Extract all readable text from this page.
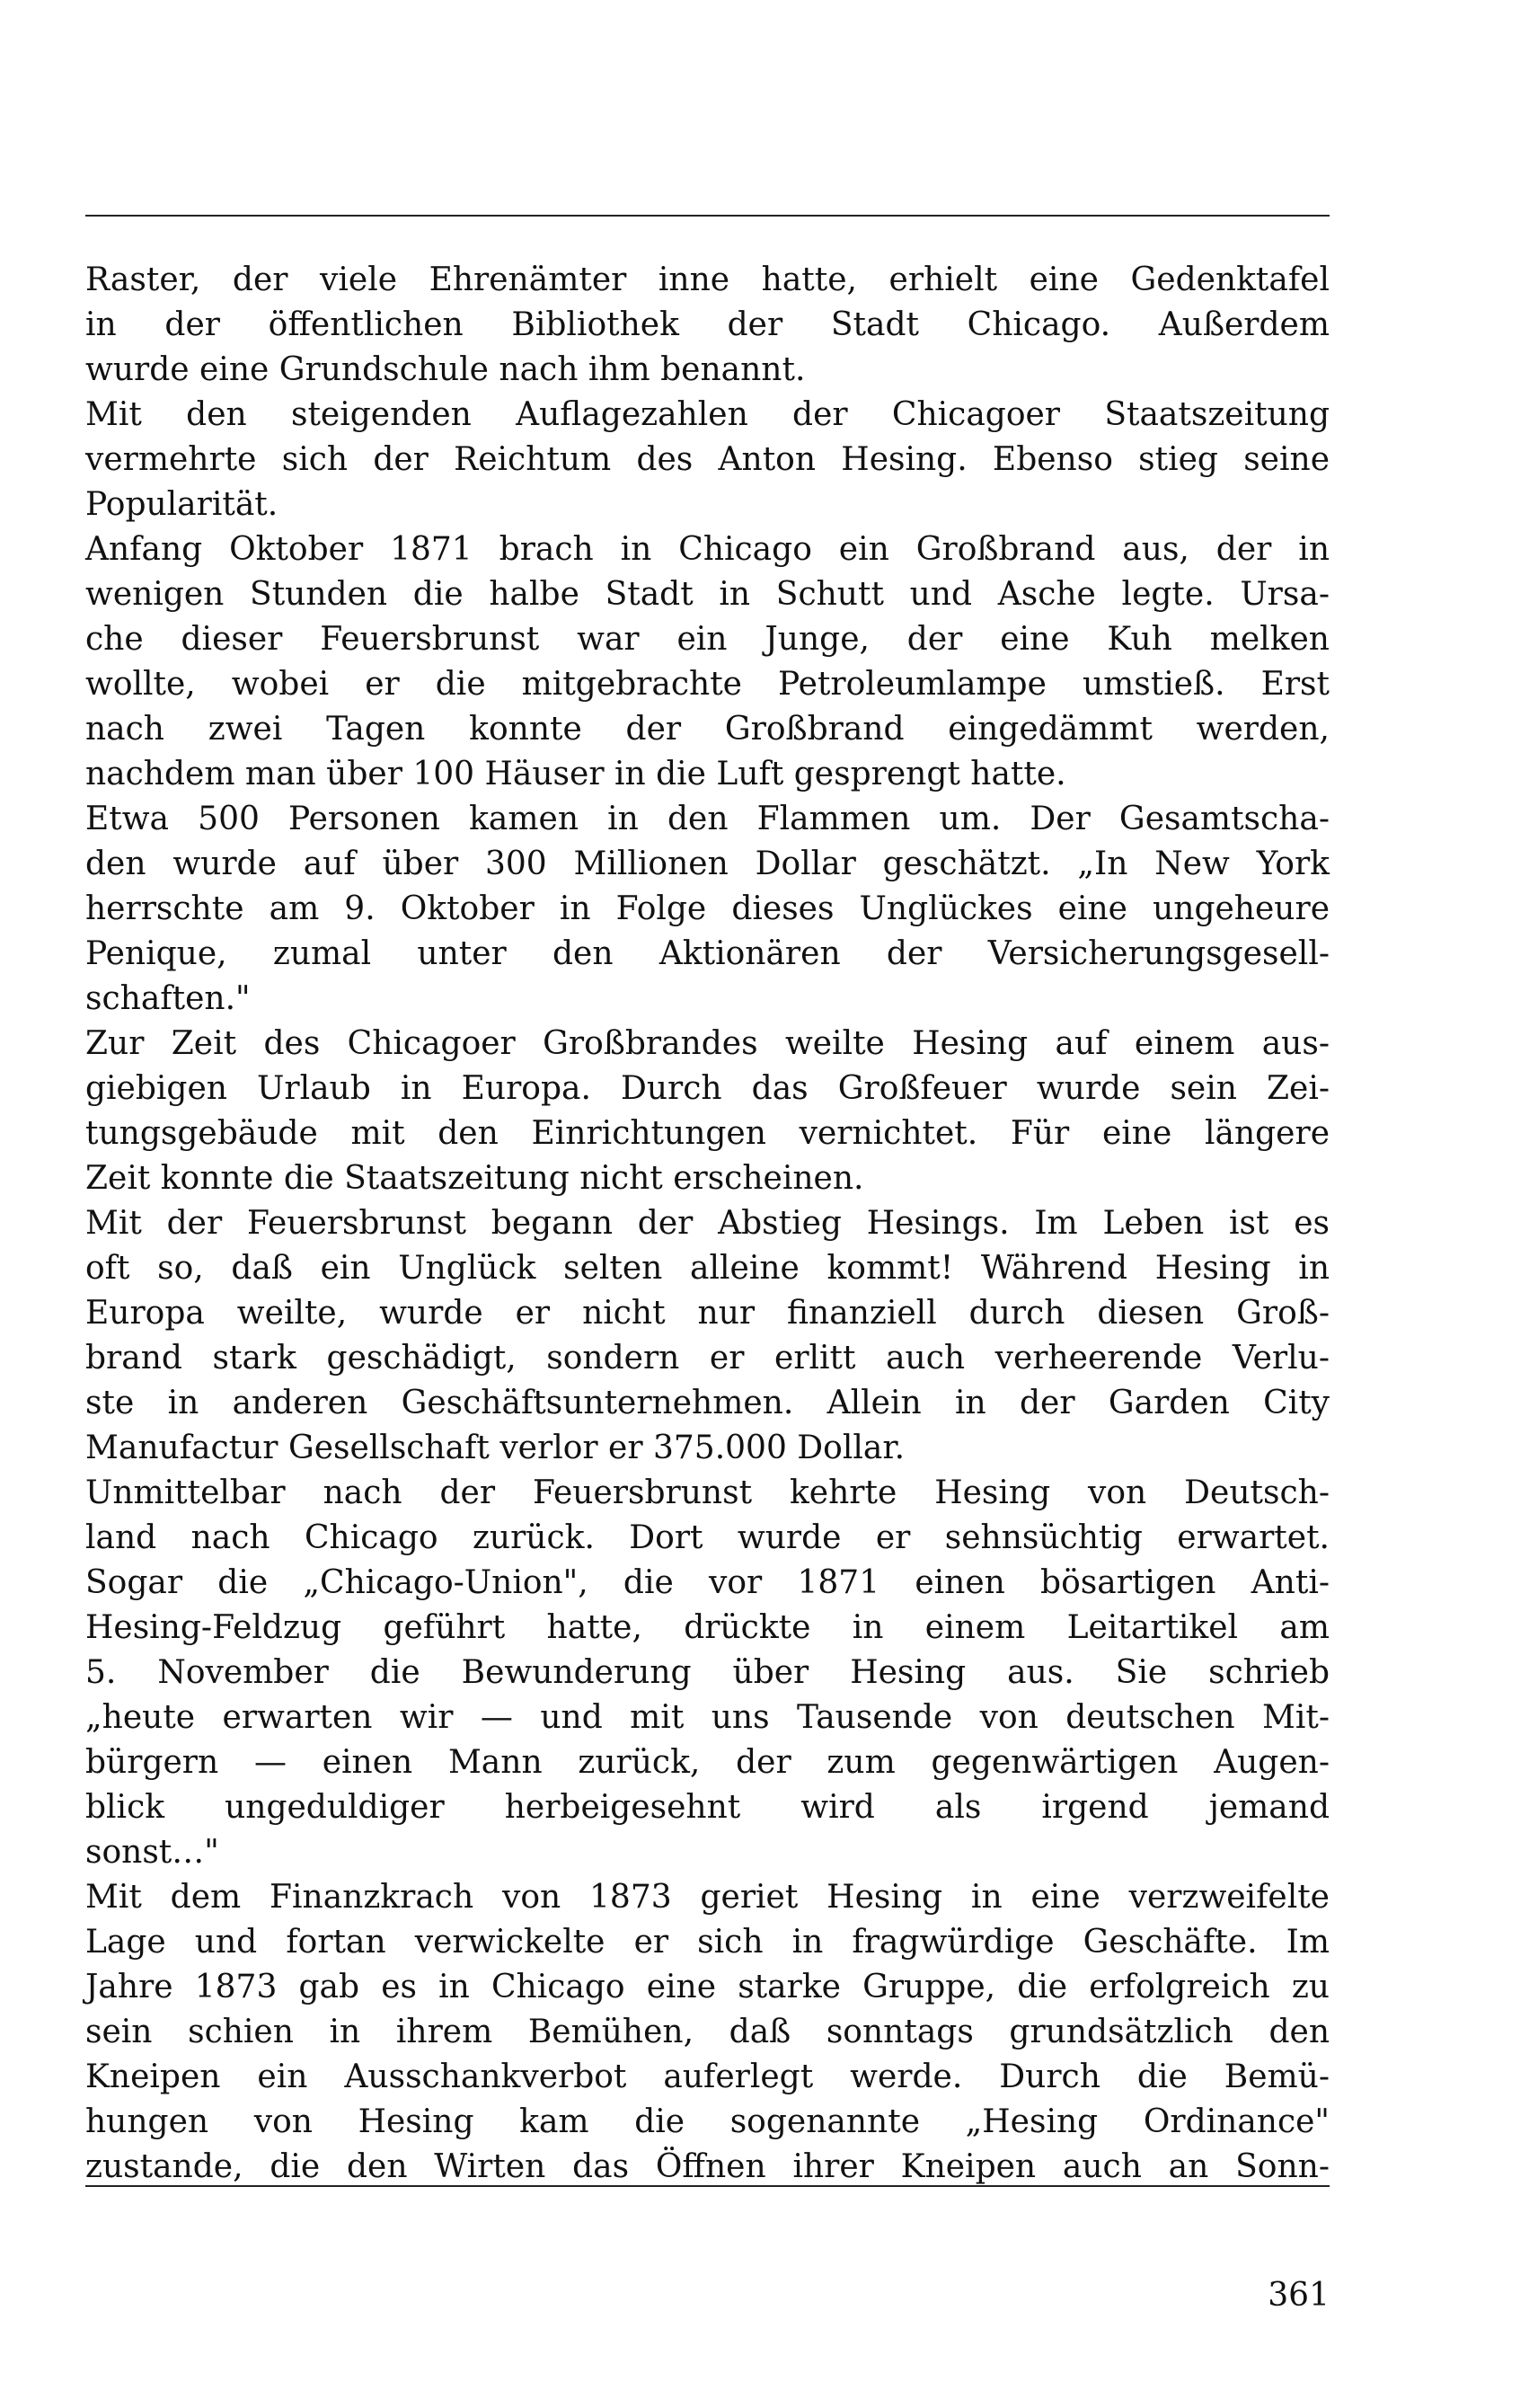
Raster, der viele Ehrenämter inne hatte, erhielt eine Gedenktafel
in der öffentlichen Bibliothek der Stadt Chicago. Außerdem
wurde eine Grundschule nach ihm benannt.
Mit den steigenden Auflagezahlen der Chicagoer Staatszeitung
vermehrte sich der Reichtum des Anton Hesing. Ebenso stieg seine
Popularität.
Anfang Oktober 1871 brach in Chicago ein Großbrand aus, der in
wenigen Stunden die halbe Stadt in Schutt und Asche legte. Ursa-
che dieser Feuersbrunst war ein Junge, der eine Kuh melken
wollte, wobei er die mitgebrachte Petroleumlampe umstieß. Erst
nach zwei Tagen konnte der Großbrand eingedämmt werden,
nachdem man über 100 Häuser in die Luft gesprengt hatte.
Etwa 500 Personen kamen in den Flammen um. Der Gesamtscha-
den wurde auf über 300 Millionen Dollar geschätzt. „In New York
herrschte am 9. Oktober in Folge dieses Unglückes eine ungeheure
Penique, zumal unter den Aktionären der Versicherungsgesell-
schaften."
Zur Zeit des Chicagoer Großbrandes weilte Hesing auf einem aus-
giebigen Urlaub in Europa. Durch das Großfeuer wurde sein Zei-
tungsgebäude mit den Einrichtungen vernichtet. Für eine längere
Zeit konnte die Staatszeitung nicht erscheinen.
Mit der Feuersbrunst begann der Abstieg Hesings. Im Leben ist es
oft so, daß ein Unglück selten alleine kommt! Während Hesing in
Europa weilte, wurde er nicht nur finanziell durch diesen Groß-
brand stark geschädigt, sondern er erlitt auch verheerende Verlu-
ste in anderen Geschäftsunternehmen. Allein in der Garden City
Manufactur Gesellschaft verlor er 375.000 Dollar.
Unmittelbar nach der Feuersbrunst kehrte Hesing von Deutsch-
land nach Chicago zurück. Dort wurde er sehnsüchtig erwartet.
Sogar die „Chicago-Union", die vor 1871 einen bösartigen Anti-
Hesing-Feldzug geführt hatte, drückte in einem Leitartikel am
5. November die Bewunderung über Hesing aus. Sie schrieb
„heute erwarten wir — und mit uns Tausende von deutschen Mit-
bürgern — einen Mann zurück, der zum gegenwärtigen Augen-
blick ungeduldiger herbeigesehnt wird als irgend jemand
sonst…"
Mit dem Finanzkrach von 1873 geriet Hesing in eine verzweifelte
Lage und fortan verwickelte er sich in fragwürdige Geschäfte. Im
Jahre 1873 gab es in Chicago eine starke Gruppe, die erfolgreich zu
sein schien in ihrem Bemühen, daß sonntags grundsätzlich den
Kneipen ein Ausschankverbot auferlegt werde. Durch die Bemü-
hungen von Hesing kam die sogenannte „Hesing Ordinance"
zustande, die den Wirten das Öffnen ihrer Kneipen auch an Sonn-
361
